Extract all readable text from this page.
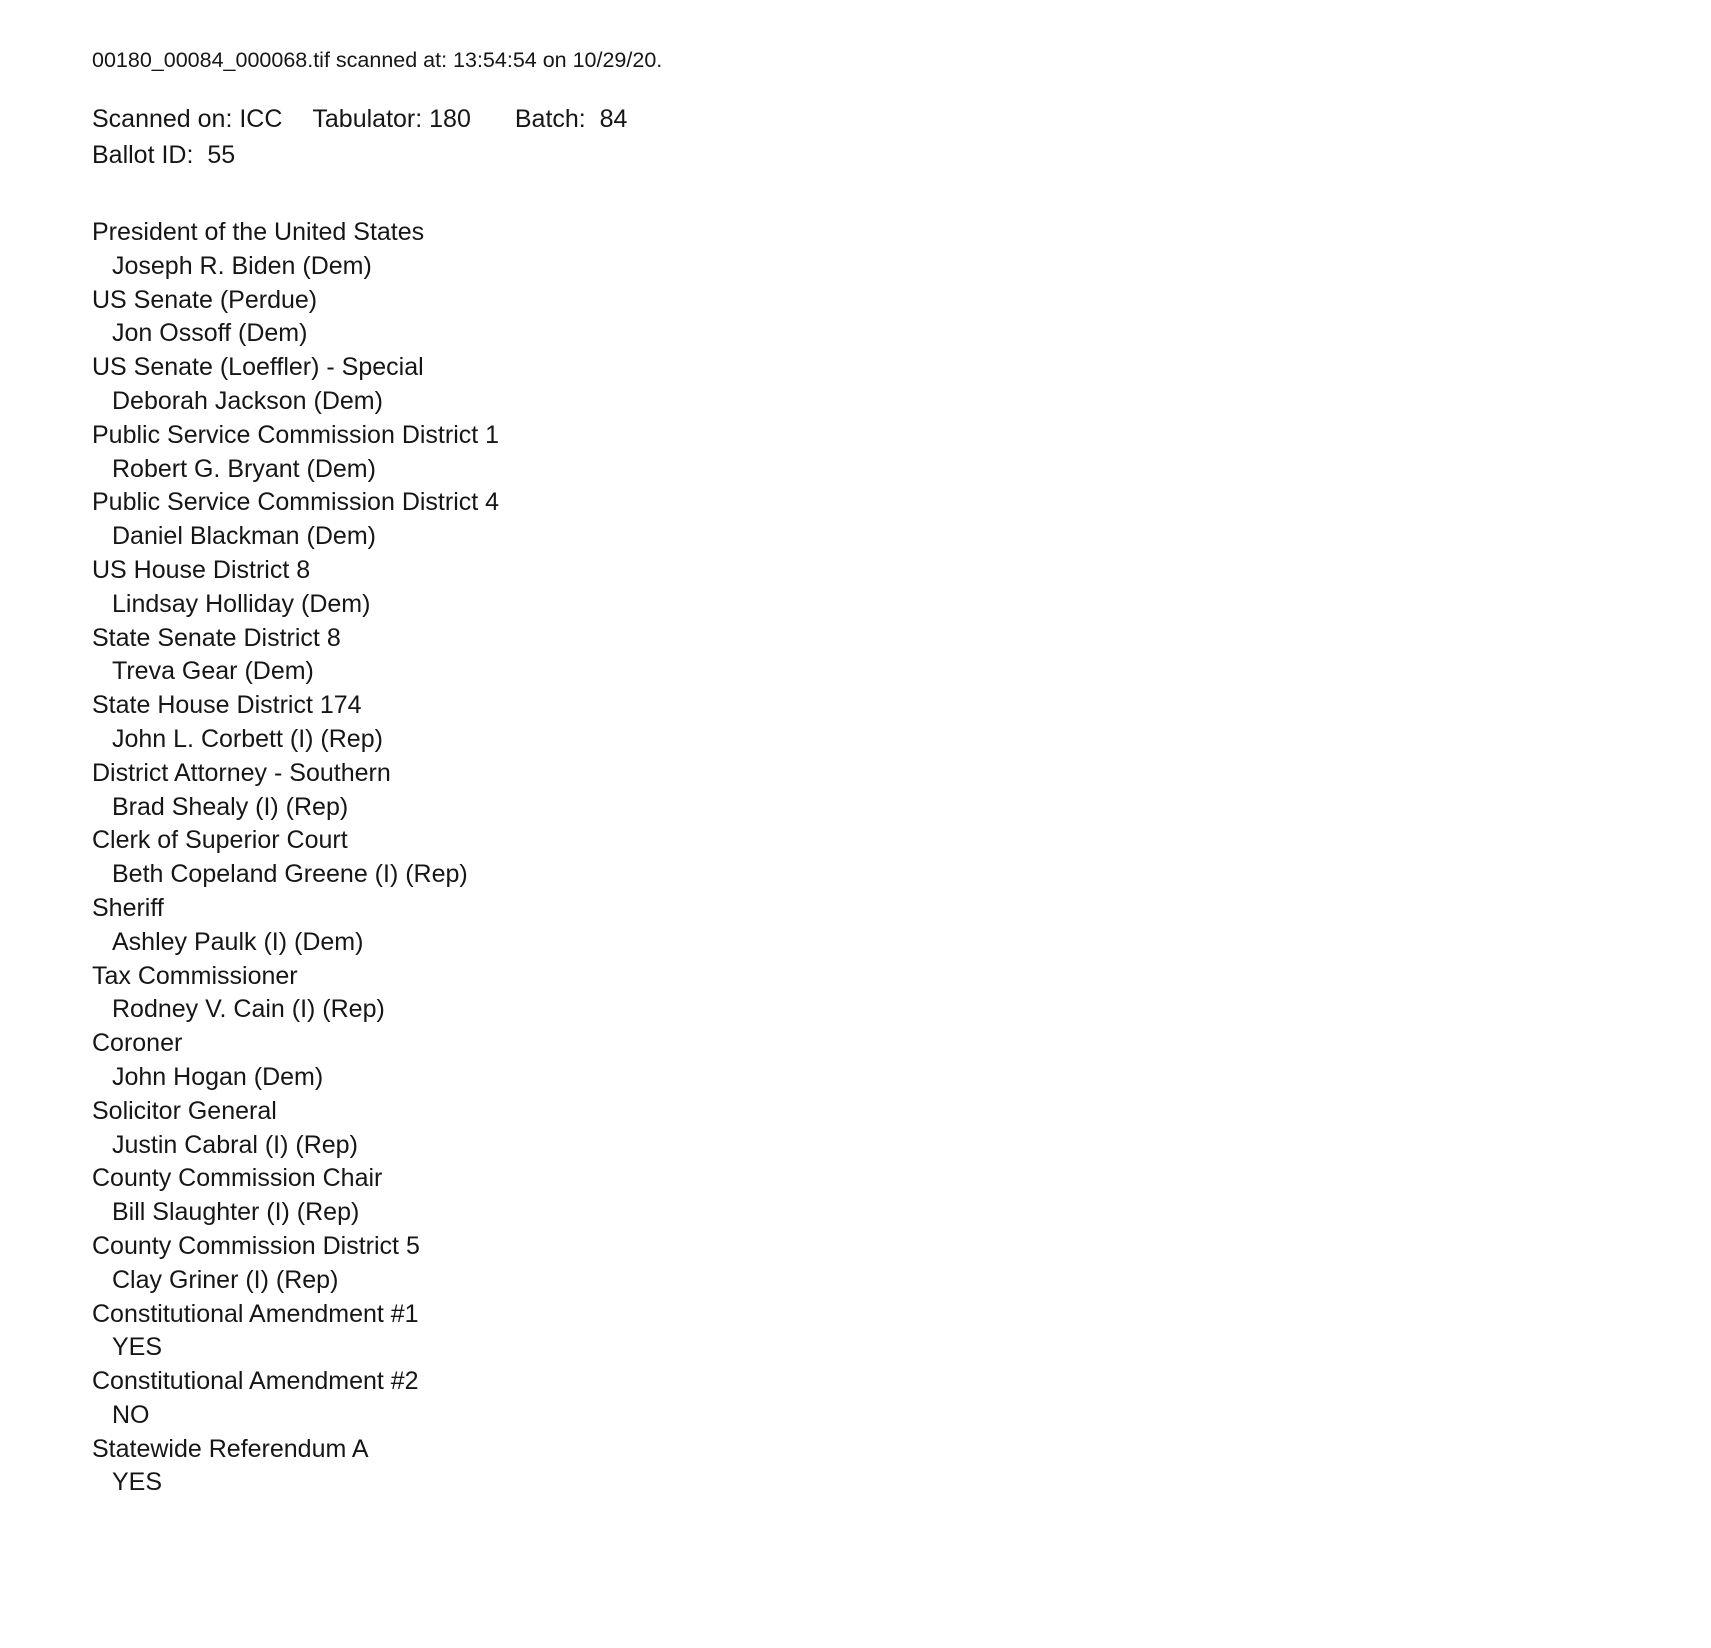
00180_00084_000068.tif scanned at: 13:54:54 on 10/29/20.

Scanned on: ICC Tabulator: 180 Batch:  84

Ballot ID:  55

President of the United States
Joseph R. Biden (Dem)
US Senate (Perdue)
Jon Ossoff (Dem)
US Senate (Loeffler) - Special
Deborah Jackson (Dem)
Public Service Commission District 1
Robert G. Bryant (Dem)
Public Service Commission District 4
Daniel Blackman (Dem)
US House District 8
Lindsay Holliday (Dem)
State Senate District 8
Treva Gear (Dem)
State House District 174
John L. Corbett (I) (Rep)
District Attorney - Southern
Brad Shealy (I) (Rep)
Clerk of Superior Court
Beth Copeland Greene (I) (Rep)
Sheriff
Ashley Paulk (I) (Dem)
Tax Commissioner
Rodney V. Cain (I) (Rep)
Coroner
John Hogan (Dem)
Solicitor General
Justin Cabral (I) (Rep)
County Commission Chair
Bill Slaughter (I) (Rep)
County Commission District 5
Clay Griner (I) (Rep)
Constitutional Amendment #1
YES
Constitutional Amendment #2
NO
Statewide Referendum A
YES
